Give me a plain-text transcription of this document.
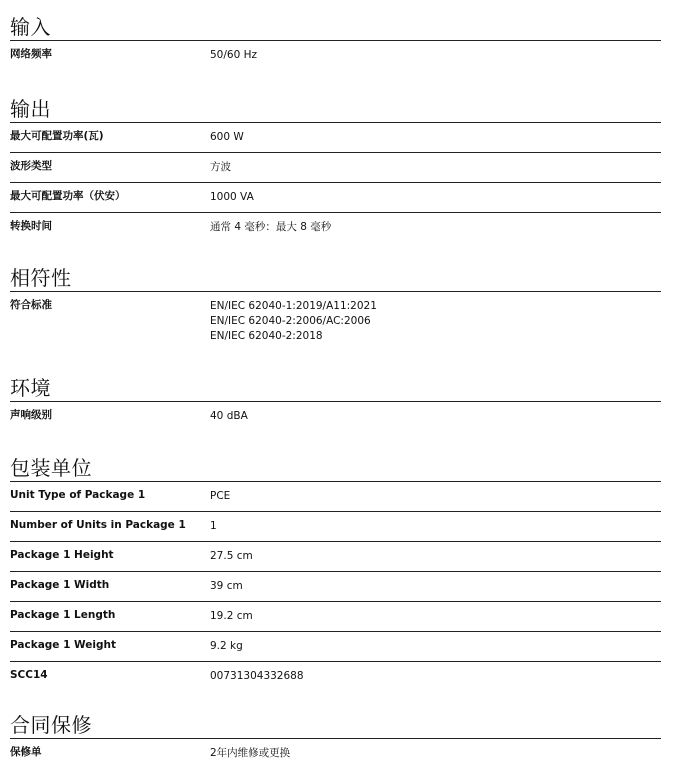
输入
网络频率	50/60 Hz
输出
最大可配置功率(瓦)	600 W
波形类型	方波
最大可配置功率（伏安）	1000 VA
转换时间	通常 4 毫秒：最大 8 毫秒
相符性
符合标准	EN/IEC 62040-1:2019/A11:2021
EN/IEC 62040-2:2006/AC:2006
EN/IEC 62040-2:2018
环境
声响级别	40 dBA
包装单位
Unit Type of Package 1	PCE
Number of Units in Package 1 1
Package 1 Height	27.5 cm
Package 1 Width	39 cm
Package 1 Length	19.2 cm
Package 1 Weight	9.2 kg
SCC14	00731304332688
合同保修
保修单	2年内维修或更换
